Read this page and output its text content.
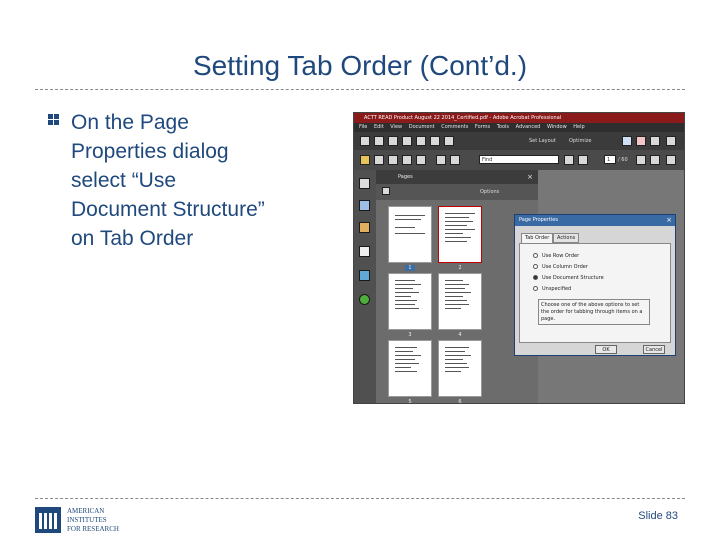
Setting Tab Order (Cont’d.)
On the Page
Properties dialog
select “Use
Document Structure”
on Tab Order
ACTT READ Product August 22 2014_Certified.pdf - Adobe Acrobat Professional
File Edit View Document Comments Forms Tools Advanced Window Help
Set Layout	Optimize
Find	1	/ 60
Pages	×
Options
1	2
3	4
5	6
Page Properties	×
Tab Order	Actions
Use Row Order
Use Column Order
Use Document Structure
Unspecified
Choose one of the above options to set the order for tabbing through items on a page.
OK	Cancel
AMERICAN
INSTITUTES
FOR RESEARCH
Slide 83
